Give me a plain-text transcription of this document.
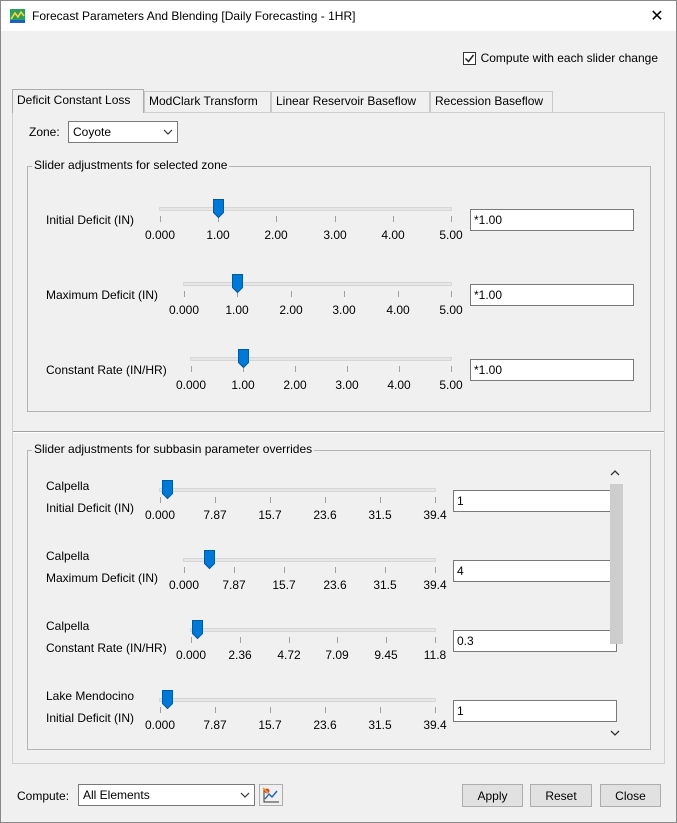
Forecast Parameters And Blending [Daily Forecasting - 1HR]	✕
Compute with each slider change
Deficit Constant Loss	ModClark Transform	Linear Reservoir Baseflow	Recession Baseflow
Zone: Coyote
Slider adjustments for selected zone
Initial Deficit (IN)
0.000	1.00	2.00	3.00	4.00	5.00
*1.00
Maximum Deficit (IN)
0.000 1.00	2.00 3.00	4.00 5.00
*1.00
Constant Rate (IN/HR)
0.000 1.00 2.00 3.00 4.00 5.00
*1.00
Slider adjustments for subbasin parameter overrides
Calpella
Initial Deficit (IN) 0.000 7.87	15.7	23.6	31.5	39.4
1
Calpella
Maximum Deficit (IN) 0.000 7.87 15.7 23.6 31.5 39.4
4
Calpella
Constant Rate (IN/HR) 0.000 2.36 4.72 7.09 9.45 11.8
0.3
Lake Mendocino
Initial Deficit (IN) 0.000 7.87	15.7	23.6	31.5	39.4
1
Compute: All Elements	Apply	Reset	Close
